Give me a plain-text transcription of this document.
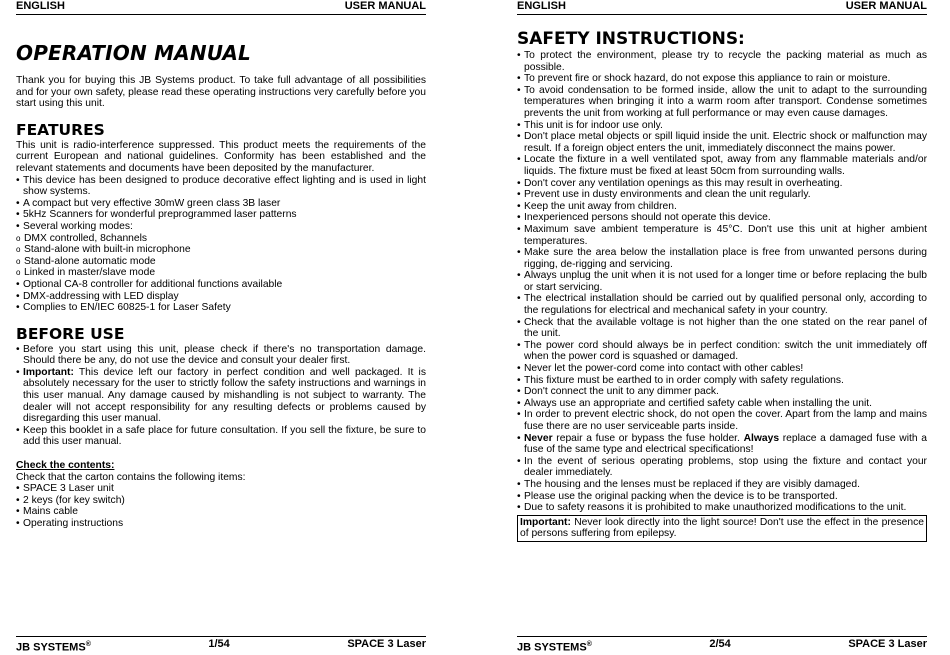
ENGLISH	USER MANUAL
OPERATION MANUAL

Thank you for buying this JB Systems product. To take full advantage of all possibilities and for your own safety, please read these operating instructions very carefully before you start using this unit.

FEATURES

This unit is radio-interference suppressed. This product meets the requirements of the current European and national guidelines. Conformity has been established and the relevant statements and documents have been deposited by the manufacturer.

• This device has been designed to produce decorative effect lighting and is used in light show systems.
• A compact but very effective 30mW green class 3B laser
• 5kHz Scanners for wonderful preprogrammed laser patterns
• Several working modes:
o DMX controlled, 8channels
o Stand-alone with built-in microphone
o Stand-alone automatic mode
o Linked in master/slave mode
• Optional CA-8 controller for additional functions available
• DMX-addressing with LED display
• Complies to EN/IEC 60825-1 for Laser Safety
BEFORE USE
• Before you start using this unit, please check if there's no transportation damage. Should there be any, do not use the device and consult your dealer first.
• Important: This device left our factory in perfect condition and well packaged. It is absolutely necessary for the user to strictly follow the safety instructions and warnings in this user manual. Any damage caused by mishandling is not subject to warranty. The dealer will not accept responsibility for any resulting defects or problems caused by disregarding this user manual.
• Keep this booklet in a safe place for future consultation. If you sell the fixture, be sure to add this user manual.

Check the contents:

Check that the carton contains the following items:

• SPACE 3 Laser unit
• 2 keys (for key switch)
• Mains cable
• Operating instructions
JB SYSTEMS®	1/54	SPACE 3 Laser
ENGLISH	USER MANUAL
SAFETY INSTRUCTIONS:
• To protect the environment, please try to recycle the packing material as much as possible.
• To prevent fire or shock hazard, do not expose this appliance to rain or moisture.
• To avoid condensation to be formed inside, allow the unit to adapt to the surrounding temperatures when bringing it into a warm room after transport. Condense sometimes prevents the unit from working at full performance or may even cause damages.
• This unit is for indoor use only.
• Don't place metal objects or spill liquid inside the unit. Electric shock or malfunction may result. If a foreign object enters the unit, immediately disconnect the mains power.
• Locate the fixture in a well ventilated spot, away from any flammable materials and/or liquids. The fixture must be fixed at least 50cm from surrounding walls.
• Don't cover any ventilation openings as this may result in overheating.
• Prevent use in dusty environments and clean the unit regularly.
• Keep the unit away from children.
• Inexperienced persons should not operate this device.
• Maximum save ambient temperature is 45°C. Don't use this unit at higher ambient temperatures.
• Make sure the area below the installation place is free from unwanted persons during rigging, de-rigging and servicing.
• Always unplug the unit when it is not used for a longer time or before replacing the bulb or start servicing.
• The electrical installation should be carried out by qualified personal only, according to the regulations for electrical and mechanical safety in your country.
• Check that the available voltage is not higher than the one stated on the rear panel of the unit.
• The power cord should always be in perfect condition: switch the unit immediately off when the power cord is squashed or damaged.
• Never let the power-cord come into contact with other cables!
• This fixture must be earthed to in order comply with safety regulations.
• Don't connect the unit to any dimmer pack.
• Always use an appropriate and certified safety cable when installing the unit.
• In order to prevent electric shock, do not open the cover. Apart from the lamp and mains fuse there are no user serviceable parts inside.
• Never repair a fuse or bypass the fuse holder. Always replace a damaged fuse with a fuse of the same type and electrical specifications!
• In the event of serious operating problems, stop using the fixture and contact your dealer immediately.
• The housing and the lenses must be replaced if they are visibly damaged.
• Please use the original packing when the device is to be transported.
• Due to safety reasons it is prohibited to make unauthorized modifications to the unit.
Important: Never look directly into the light source! Don't use the effect in the presence of persons suffering from epilepsy.
JB SYSTEMS®	2/54	SPACE 3 Laser
